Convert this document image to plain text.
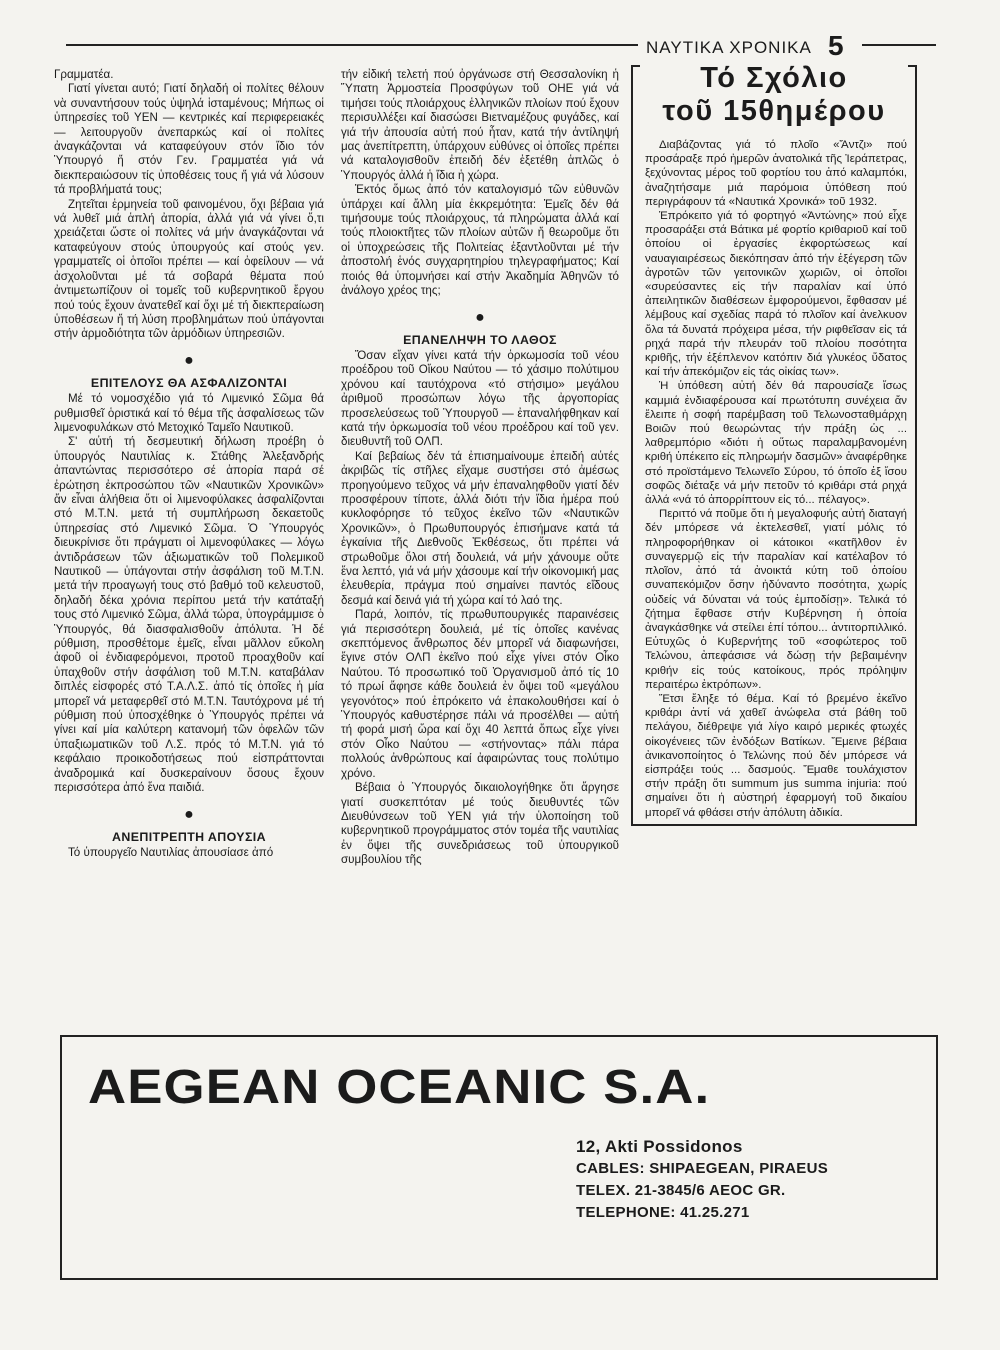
ΝΑΥΤΙΚΑ ΧΡΟΝΙΚΑ 5

Γραμματέα.

Γιατί γίνεται αυτό; Γιατί δηλαδή οἱ πολίτες θέλουν νὰ συναντήσουν τούς ὑψηλά ἱσταμένους; Μήπως οἱ ὑπηρεσίες τοῦ ΥΕΝ — κεντρικές καί περιφερειακές — λειτουργοῦν ἀνεπαρκώς καί οἱ πολίτες ἀναγκάζονται νά καταφεύγουν στόν ἴδιο τόν Ὑπουργό ἤ στόν Γεν. Γραμματέα γιά νά διεκπεραιώσουν τίς ὑποθέσεις τους ἤ γιά νά λύσουν τά προβλήματά τους;

Ζητεῖται ἑρμηνεία τοῦ φαινομένου, ὄχι βέβαια γιά νά λυθεῖ μιά ἁπλή ἀπορία, ἀλλά γιά νά γίνει ὅ,τι χρειάζεται ὥστε οἱ πολίτες νά μήν ἀναγκάζονται νά καταφεύγουν στούς ὑπουργούς καί στούς γεν. γραμματεῖς οἱ ὁποῖοι πρέπει — καί ὀφείλουν — νά ἀσχολοῦνται μέ τά σοβαρά θέματα πού ἀντιμετωπίζουν οἱ τομεῖς τοῦ κυβερνητικοῦ ἔργου πού τούς ἔχουν ἀνατεθεῖ καί ὄχι μέ τή διεκπεραίωση ὑποθέσεων ἤ τή λύση προβλημάτων πού ὑπάγονται στήν ἁρμοδιότητα τῶν ἁρμόδιων ὑπηρεσιῶν.

●
ΕΠΙΤΕΛΟΥΣ ΘΑ ΑΣΦΑΛΙΖΟΝΤΑΙ

Μέ τό νομοσχέδιο γιά τό Λιμενικό Σῶμα θά ρυθμισθεῖ ὁριστικά καί τό θέμα τῆς ἀσφαλίσεως τῶν λιμενοφυλάκων στό Μετοχικό Ταμεῖο Ναυτικοῦ.

Σ' αὐτή τή δεσμευτική δήλωση προέβη ὁ ὑπουργός Ναυτιλίας κ. Στάθης Ἀλεξανδρής ἀπαντώντας περισσότερο σέ ἀπορία παρά σέ ἐρώτηση ἐκπροσώπου τῶν «Ναυτικῶν Χρονικῶν» ἄν εἶναι ἀλήθεια ὅτι οἱ λιμενοφύλακες ἀσφαλίζονται στό Μ.Τ.Ν. μετά τή συμπλήρωση δεκαετοῦς ὑπηρεσίας στό Λιμενικό Σῶμα. Ὁ Ὑπουργός διευκρίνισε ὅτι πράγματι οἱ λιμενοφύλακες — λόγω ἀντιδράσεων τῶν ἀξιωματικῶν τοῦ Πολεμικοῦ Ναυτικοῦ — ὑπάγονται στήν ἀσφάλιση τοῦ Μ.Τ.Ν. μετά τήν προαγωγή τους στό βαθμό τοῦ κελευστοῦ, δηλαδή δέκα χρόνια περίπου μετά τήν κατάταξή τους στό Λιμενικό Σῶμα, ἀλλά τώρα, ὑπογράμμισε ὁ Ὑπουργός, θά διασφαλισθοῦν ἀπόλυτα. Ἡ δέ ρύθμιση, προσθέτομε ἐμεῖς, εἶναι μᾶλλον εὔκολη ἀφοῦ οἱ ἐνδιαφερόμενοι, προτοῦ προαχθοῦν καί ὑπαχθοῦν στήν ἀσφάλιση τοῦ Μ.Τ.Ν. καταβάλαν διπλές εἰσφορές στό Τ.Α.Λ.Σ. ἀπό τίς ὁποῖες ἡ μία μπορεῖ νά μεταφερθεῖ στό Μ.Τ.Ν. Ταυτόχρονα μέ τή ρύθμιση πού ὑποσχέθηκε ὁ Ὑπουργός πρέπει νά γίνει καί μία καλύτερη κατανομή τῶν ὀφελῶν τῶν ὑπαξιωματικῶν τοῦ Λ.Σ. πρός τό Μ.Τ.Ν. γιά τό κεφάλαιο προικοδοτήσεως πού εἰσπράττονται ἀναδρομικά καί δυσκεραίνουν ὅσους ἔχουν περισσότερα ἀπό ἕνα παιδιά.

●
ΑΝΕΠΙΤΡΕΠΤΗ ΑΠΟΥΣΙΑ

Τό ὑπουργεῖο Ναυτιλίας ἀπουσίασε ἀπό

τήν εἰδική τελετή πού ὀργάνωσε στή Θεσσαλονίκη ἡ Ὕπατη Ἁρμοστεία Προσφύγων τοῦ ΟΗΕ γιά νά τιμήσει τούς πλοιάρχους ἑλληνικῶν πλοίων πού ἔχουν περισυλλέξει καί διασώσει Βιετναμέζους φυγάδες, καί γιά τήν ἀπουσία αὐτή πού ἦταν, κατά τήν ἀντίληψή μας ἀνεπίτρεπτη, ὑπάρχουν εὐθύνες οἱ ὁποῖες πρέπει νά καταλογισθοῦν ἐπειδή δέν ἐξετέθη ἁπλῶς ὁ Ὑπουργός ἀλλά ἡ ἴδια ἡ χώρα.

Ἐκτός ὅμως ἀπό τόν καταλογισμό τῶν εὐθυνῶν ὑπάρχει καί ἄλλη μία ἐκκρεμότητα: Ἐμεῖς δέν θά τιμήσουμε τούς πλοιάρχους, τά πληρώματα ἀλλά καί τούς πλοιοκτῆτες τῶν πλοίων αὐτῶν ἤ θεωροῦμε ὅτι οἱ ὑποχρεώσεις τῆς Πολιτείας ἐξαντλοῦνται μέ τήν ἀποστολή ἑνός συγχαρητηρίου τηλεγραφήματος; Καί ποιός θά ὑπομνήσει καί στήν Ἀκαδημία Ἀθηνῶν τό ἀνάλογο χρέος της;

●
ΕΠΑΝΕΛΗΨΗ ΤΟ ΛΑΘΟΣ

Ὅσαν εἴχαν γίνει κατά τήν ὁρκωμοσία τοῦ νέου προέδρου τοῦ Οἴκου Ναύτου — τό χάσιμο πολύτιμου χρόνου καί ταυτόχρονα «τό στήσιμο» μεγάλου ἀριθμοῦ προσώπων λόγω τῆς ἀργοπορίας προσελεύσεως τοῦ Ὑπουργοῦ — ἐπαναλήφθηκαν καί κατά τήν ὁρκωμοσία τοῦ νέου προέδρου καί τοῦ γεν. διευθυντῆ τοῦ ΟΛΠ.

Καί βεβαίως δέν τά ἐπισημαίνουμε ἐπειδή αὐτές ἀκριβῶς τίς στῆλες εἴχαμε συστήσει στό ἀμέσως προηγούμενο τεῦχος νά μήν ἐπαναληφθοῦν γιατί δέν προσφέρουν τίποτε, ἀλλά διότι τήν ἴδια ἡμέρα πού κυκλοφόρησε τό τεῦχος ἐκεῖνο τῶν «Ναυτικῶν Χρονικῶν», ὁ Πρωθυπουργός ἐπισήμανε κατά τά ἐγκαίνια τῆς Διεθνοῦς Ἐκθέσεως, ὅτι πρέπει νά στρωθοῦμε ὅλοι στή δουλειά, νά μήν χάνουμε οὔτε ἕνα λεπτό, γιά νά μήν χάσουμε καί τήν οἰκονομική μας ἐλευθερία, πράγμα πού σημαίνει παντός εἴδους δεσμά καί δεινά γιά τή χώρα καί τό λαό της.

Παρά, λοιπόν, τίς πρωθυπουργικές παραινέσεις γιά περισσότερη δουλειά, μέ τίς ὁποῖες κανένας σκεπτόμενος ἄνθρωπος δέν μπορεῖ νά διαφωνήσει, ἔγινε στόν ΟΛΠ ἐκεῖνο πού εἶχε γίνει στόν Οἶκο Ναύτου. Τό προσωπικό τοῦ Ὀργανισμοῦ ἀπό τίς 10 τό πρωί ἄφησε κάθε δουλειά ἐν ὄψει τοῦ «μεγάλου γεγονότος» πού ἐπρόκειτο νά ἐπακολουθήσει καί ὁ Ὑπουργός καθυστέρησε πάλι νά προσέλθει — αὐτή τή φορά μισή ὥρα καί ὄχι 40 λεπτά ὅπως εἶχε γίνει στόν Οἶκο Ναύτου — «στήνοντας» πάλι πάρα πολλούς ἀνθρώπους καί ἀφαιρώντας τους πολύτιμο χρόνο.

Βέβαια ὁ Ὑπουργός δικαιολογήθηκε ὅτι ἄργησε γιατί συσκεπτόταν μέ τούς διευθυντές τῶν Διευθύνσεων τοῦ ΥΕΝ γιά τήν ὑλοποίηση τοῦ κυβερνητικοῦ προγράμματος στόν τομέα τῆς ναυτιλίας ἐν ὄψει τῆς συνεδριάσεως τοῦ ὑπουργικοῦ συμβουλίου τῆς

Τό Σχόλιο
τοῦ 15θημέρου

Διαβάζοντας γιά τό πλοῖο «Ἄντζι» πού προσάραξε πρό ἡμερῶν ἀνατολικά τῆς Ἱεράπετρας, ξεχύνοντας μέρος τοῦ φορτίου του ἀπό καλαμπόκι, ἀναζητήσαμε μιά παρόμοια ὑπόθεση πού περιγράφουν τά «Ναυτικά Χρονικά» τοῦ 1932.

Ἐπρόκειτο γιά τό φορτηγό «Ἀντώνης» πού εἶχε προσαράξει στά Βάτικα μέ φορτίο κριθαριοῦ καί τοῦ ὁποίου οἱ ἐργασίες ἐκφορτώσεως καί ναυαγιαιρέσεως διεκόπησαν ἀπό τήν ἐξέγερση τῶν ἀγροτῶν τῶν γειτονικῶν χωριῶν, οἱ ὁποῖοι «συρεύσαντες εἰς τήν παραλίαν καί ὑπό ἀπειλητικῶν διαθέσεων ἐμφορούμενοι, ἔφθασαν μέ λέμβους καί σχεδίας παρά τό πλοῖον καί ἀνελκυον ὅλα τά δυνατά πρόχειρα μέσα, τήν ριφθεῖσαν εἰς τά ρηχά παρά τήν πλευράν τοῦ πλοίου ποσότητα κριθῆς, τήν ἐξέπλενον κατόπιν διά γλυκέος ὕδατος καί τήν ἀπεκόμιζον εἰς τάς οἰκίας των».

Ἡ ὑπόθεση αὐτή δέν θά παρουσίαζε ἴσως καμμιά ἐνδιαφέρουσα καί πρωτότυπη συνέχεια ἄν ἔλειπε ἡ σοφή παρέμβαση τοῦ Τελωνοσταθμάρχη Βοιῶν πού θεωρώντας τήν πράξη ὡς ... λαθρεμπόριο «διότι ἡ οὕτως παραλαμβανομένη κριθή ὑπέκειτο εἰς πληρωμήν δασμῶν» ἀναφέρθηκε στό προϊστάμενο Τελωνεῖο Σύρου, τό ὁποῖο ἐξ ἴσου σοφῶς διέταξε νά μήν πετοῦν τό κριθάρι στά ρηχά ἀλλά «νά τό ἀπορρίπτουν εἰς τό... πέλαγος».

Περιττό νά ποῦμε ὅτι ἡ μεγαλοφυής αὐτή διαταγή δέν μπόρεσε νά ἐκτελεσθεῖ, γιατί μόλις τό πληροφορήθηκαν οἱ κάτοικοι «κατῆλθον ἐν συναγερμῷ εἰς τήν παραλίαν καί κατέλαβον τό πλοῖον, ἀπό τά ἀνοικτά κύτη τοῦ ὁποίου συναπεκόμιζον ὅσην ἠδύναντο ποσότητα, χωρίς οὐδείς νά δύναται νά τούς ἐμποδίσῃ». Τελικά τό ζήτημα ἔφθασε στήν Κυβέρνηση ἡ ὁποία ἀναγκάσθηκε νά στείλει ἐπί τόπου... ἀντιτορπιλλικό. Εὐτυχῶς ὁ Κυβερνήτης τοῦ «σοφώτερος τοῦ Τελώνου, ἀπεφάσισε νά δώσῃ τήν βεβαιμένην κριθήν εἰς τούς κατοίκους, πρός πρόληψιν περαιτέρω ἐκτρόπων».

Ἔτσι ἔληξε τό θέμα. Καί τό βρεμένο ἐκεῖνο κριθάρι ἀντί νά χαθεῖ ἀνώφελα στά βάθη τοῦ πελάγου, διέθρεψε γιά λίγο καιρό μερικές φτωχές οἰκογένειες τῶν ἐνδόξων Βατίκων. Ἔμεινε βέβαια ἀνικανοποίητος ὁ Τελώνης πού δέν μπόρεσε νά εἰσπράξει τούς ... δασμούς. Ἔμαθε τουλάχιστον στήν πράξη ὅτι summum jus summa injuria: πού σημαίνει ὅτι ἡ αὐστηρή ἐφαρμογή τοῦ δικαίου μπορεῖ νά φθάσει στήν ἀπόλυτη ἀδικία.

AEGEAN OCEANIC S.A.
12, Akti Possidonos
CABLES: SHIPAEGEAN, PIRAEUS
TELEX. 21-3845/6 AEOC GR.
TELEPHONE: 41.25.271
